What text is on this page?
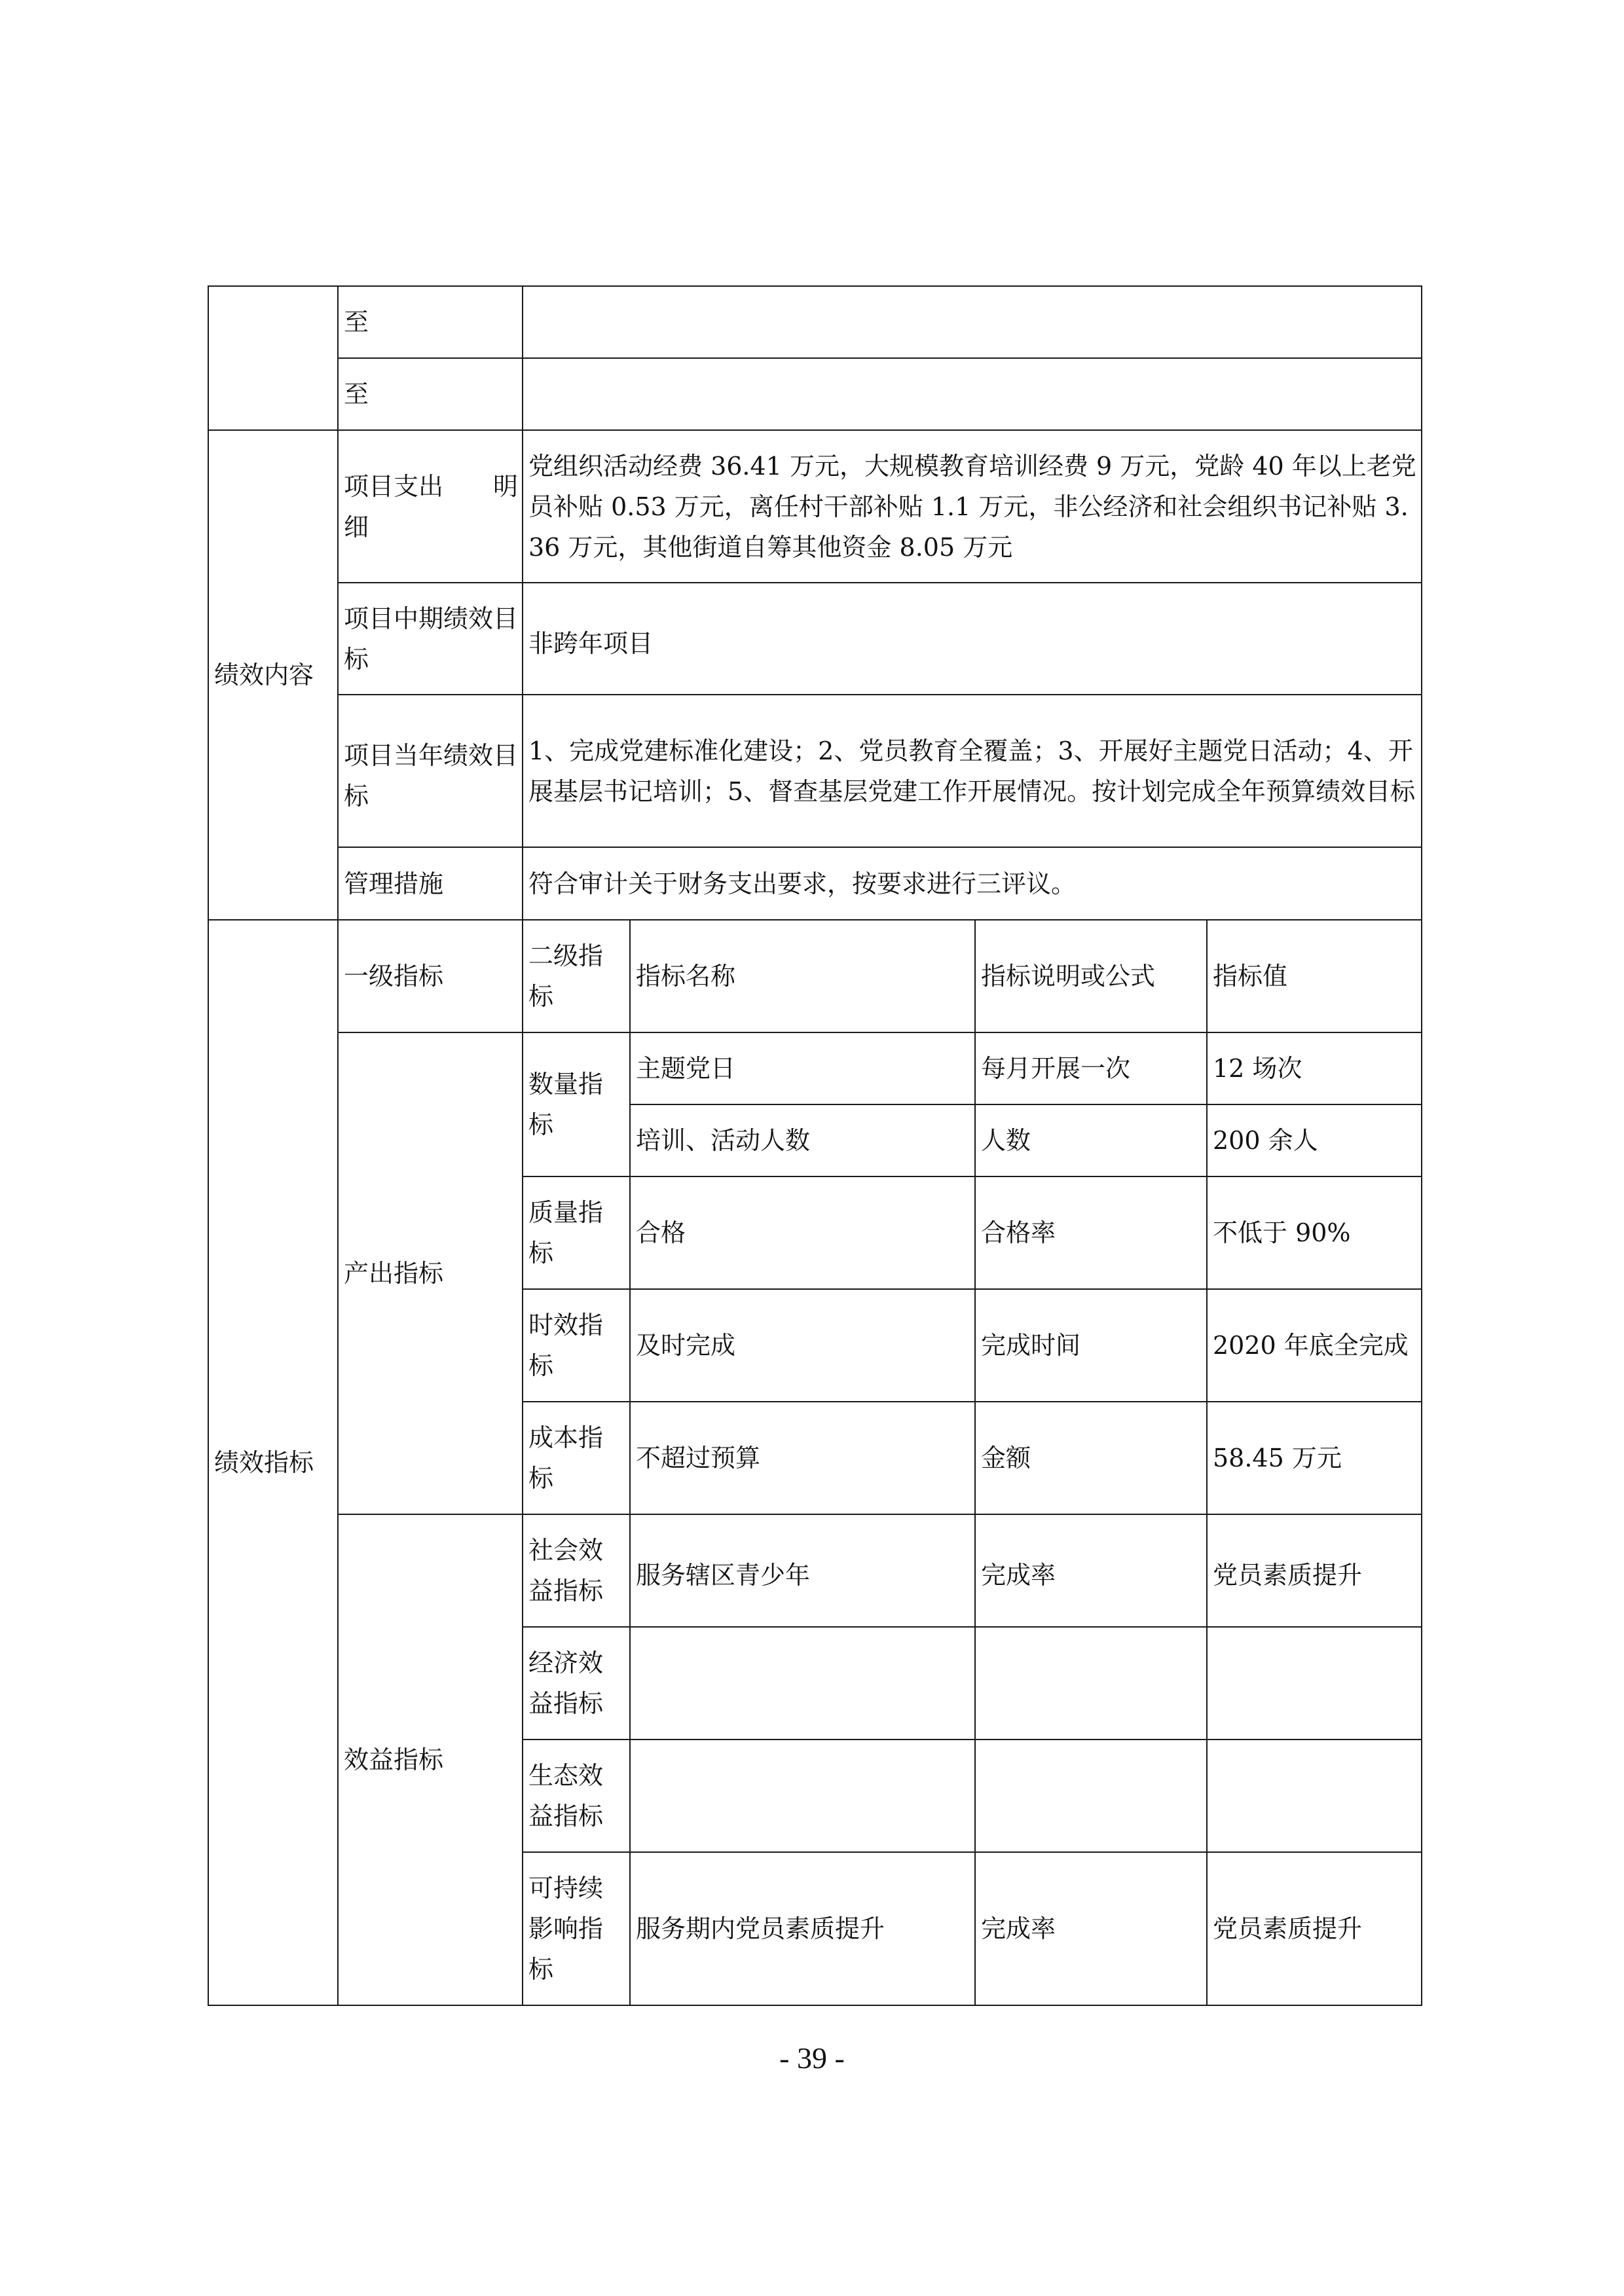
	至				
	至				
绩效内容	项目支出　　明细	党组织活动经费 36.41 万元，大规模教育培训经费 9 万元，党龄 40 年以上老党员补贴 0.53 万元，离任村干部补贴 1.1 万元，非公经济和社会组织书记补贴 3.36 万元，其他街道自筹其他资金 8.05 万元			
	项目中期绩效目标	非跨年项目			
	项目当年绩效目标	1、完成党建标准化建设；2、党员教育全覆盖；3、开展好主题党日活动；4、开展基层书记培训；5、督查基层党建工作开展情况。按计划完成全年预算绩效目标			
	管理措施	符合审计关于财务支出要求，按要求进行三评议。			
绩效指标	一级指标	二级指标	指标名称	指标说明或公式	指标值
	产出指标	数量指标	主题党日	每月开展一次	12 场次
			培训、活动人数	人数	200 余人
		质量指标	合格	合格率	不低于 90%
		时效指标	及时完成	完成时间	2020 年底全完成
		成本指标	不超过预算	金额	58.45 万元
	效益指标	社会效益指标	服务辖区青少年	完成率	党员素质提升
		经济效益指标			
		生态效益指标			
		可持续影响指标	服务期内党员素质提升	完成率	党员素质提升
- 39 -
